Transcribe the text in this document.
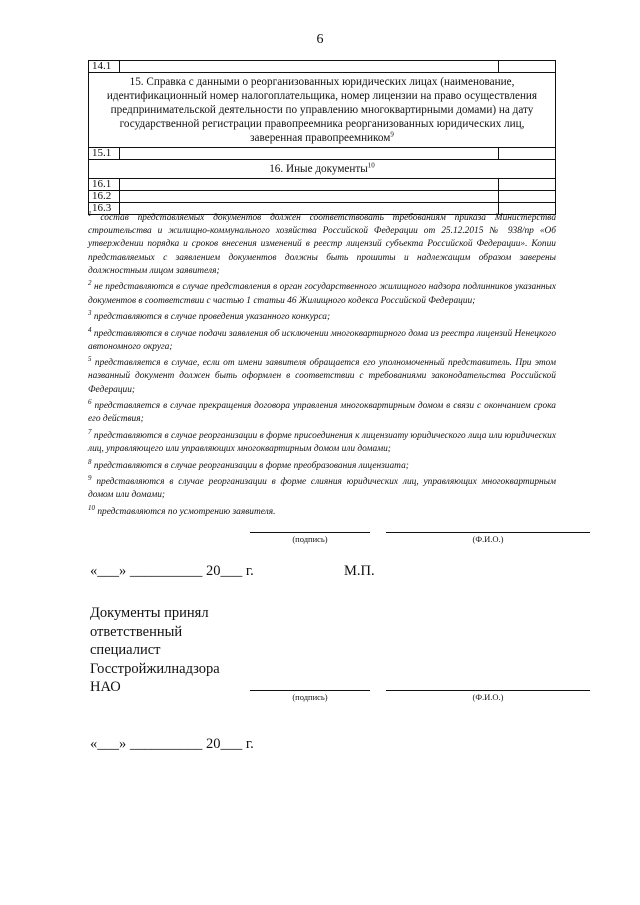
6
14.1		
15. Справка с данными о реорганизованных юридических лицах (наименование, идентификационный номер налогоплательщика, номер лицензии на право осуществления предпринимательской деятельности по управлению многоквартирными домами) на дату государственной регистрации правопреемника реорганизованных юридических лиц, заверенная правопреемником$^9$
15.1		
16. Иные документы$^{10}$
16.1		
16.2		
16.3		

$^1$ состав представляемых документов должен соответствовать требованиям приказа Министерства строительства и жилищно-коммунального хозяйства Российской Федерации от 25.12.2015 № 938/пр «Об утверждении порядка и сроков внесения изменений в реестр лицензий субъекта Российской Федерации». Копии представляемых с заявлением документов должны быть прошиты и надлежащим образом заверены должностным лицом заявителя;

$^2$ не представляются в случае представления в орган государственного жилищного надзора подлинников указанных документов в соответствии с частью 1 статьи 46 Жилищного кодекса Российской Федерации;

$^3$ представляются в случае проведения указанного конкурса;

$^4$ представляются в случае подачи заявления об исключении многоквартирного дома из реестра лицензий Ненецкого автономного округа;

$^5$ представляется в случае, если от имени заявителя обращается его уполномоченный представитель. При этом названный документ должен быть оформлен в соответствии с требованиями законодательства Российской Федерации;

$^6$ представляется в случае прекращения договора управления многоквартирным домом в связи с окончанием срока его действия;

$^7$ представляются в случае реорганизации в форме присоединения к лицензиату юридического лица или юридических лиц, управляющего или управляющих многоквартирным домом или домами;

$^8$ представляются в случае реорганизации в форме преобразования лицензиата;

$^9$ представляются в случае реорганизации в форме слияния юридических лиц, управляющих многоквартирным домом или домами;

$^{10}$ представляются по усмотрению заявителя.

(подпись)	(Ф.И.О.)
«___» __________ 20___ г.	М.П.
Документы принял
ответственный
специалист
Госстройжилнадзора
НАО
(подпись)	(Ф.И.О.)
«___» __________ 20___ г.
